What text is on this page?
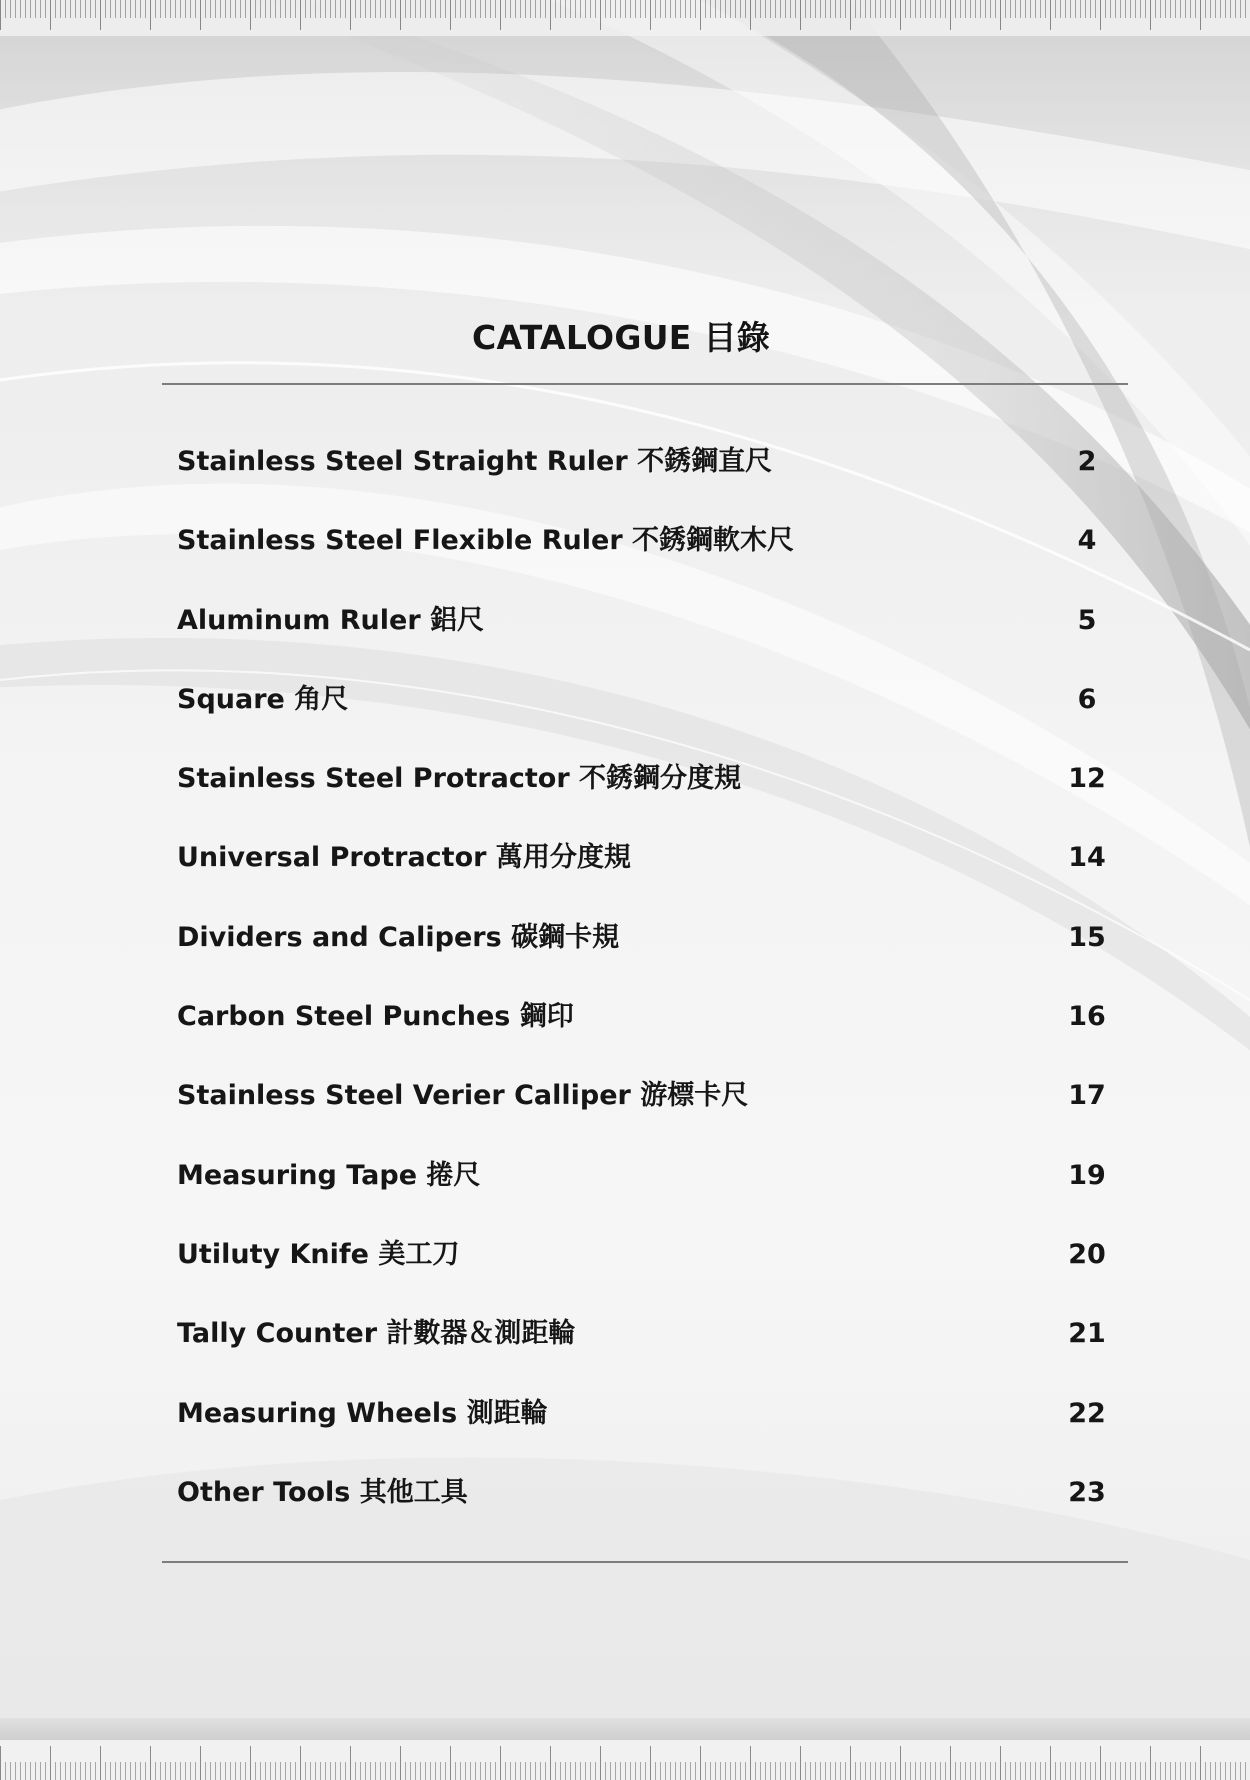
CATALOGUE 目錄
Stainless Steel Straight Ruler 不銹鋼直尺	2
Stainless Steel Flexible Ruler 不銹鋼軟木尺	4
Aluminum Ruler 鋁尺	5
Square 角尺	6
Stainless Steel Protractor 不銹鋼分度規	12
Universal Protractor 萬用分度規	14
Dividers and Calipers 碳鋼卡規	15
Carbon Steel Punches 鋼印	16
Stainless Steel Verier Calliper 游標卡尺	17
Measuring Tape 捲尺	19
Utiluty Knife 美工刀	20
Tally Counter 計數器＆測距輪	21
Measuring Wheels 測距輪	22
Other Tools 其他工具	23
